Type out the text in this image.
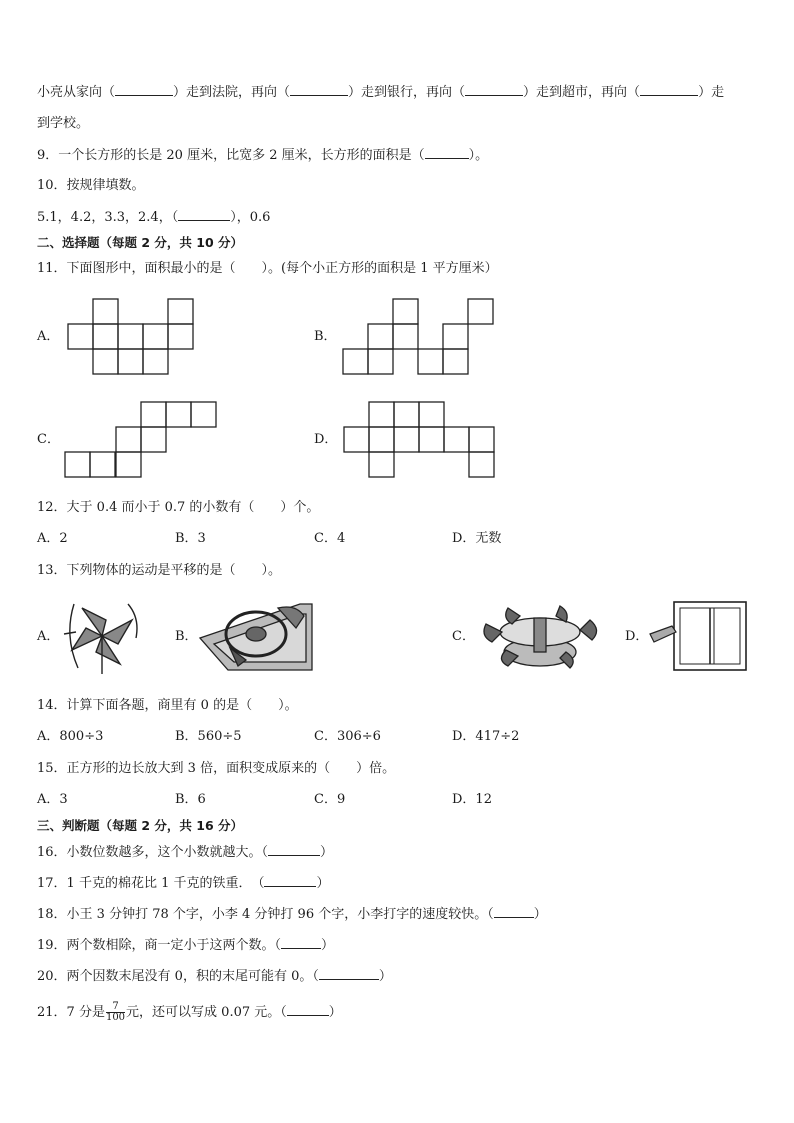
小亮从家向（	）走到法院，再向（	）走到银行，再向（	）走到超市，再向（	）走
到学校。
9．一个长方形的长是 20 厘米，比宽多 2 厘米，长方形的面积是（	）。
10．按规律填数。
5.1，4.2，3.3，2.4，（	），0.6
二、选择题（每题 2 分，共 10 分）
11．下面图形中，面积最小的是（　　）。(每个小正方形的面积是 1 平方厘米）
A．	B．
C．	D．
12．大于 0.4 而小于 0.7 的小数有（　　）个。
A．2	B．3	C．4	D．无数
13．下列物体的运动是平移的是（　　）。
A．	B．	C．	D．
14．计算下面各题，商里有 0 的是（　　）。
A．800÷3	B．560÷5	C．306÷6	D．417÷2
15．正方形的边长放大到 3 倍，面积变成原来的（　　）倍。
A．3	B．6	C．9	D．12
三、判断题（每题 2 分，共 16 分）
16．小数位数越多，这个小数就越大。（	）
17．1 千克的棉花比 1 千克的铁重．　（	）
18．小王 3 分钟打 78 个字，小李 4 分钟打 96 个字，小李打字的速度较快。（	）
19．两个数相除，商一定小于这两个数。（	）
20．两个因数末尾没有 0，积的末尾可能有 0。（	）
21．7 分是 $\frac{7}{100}$ 元，还可以写成 0.07 元。（	）
